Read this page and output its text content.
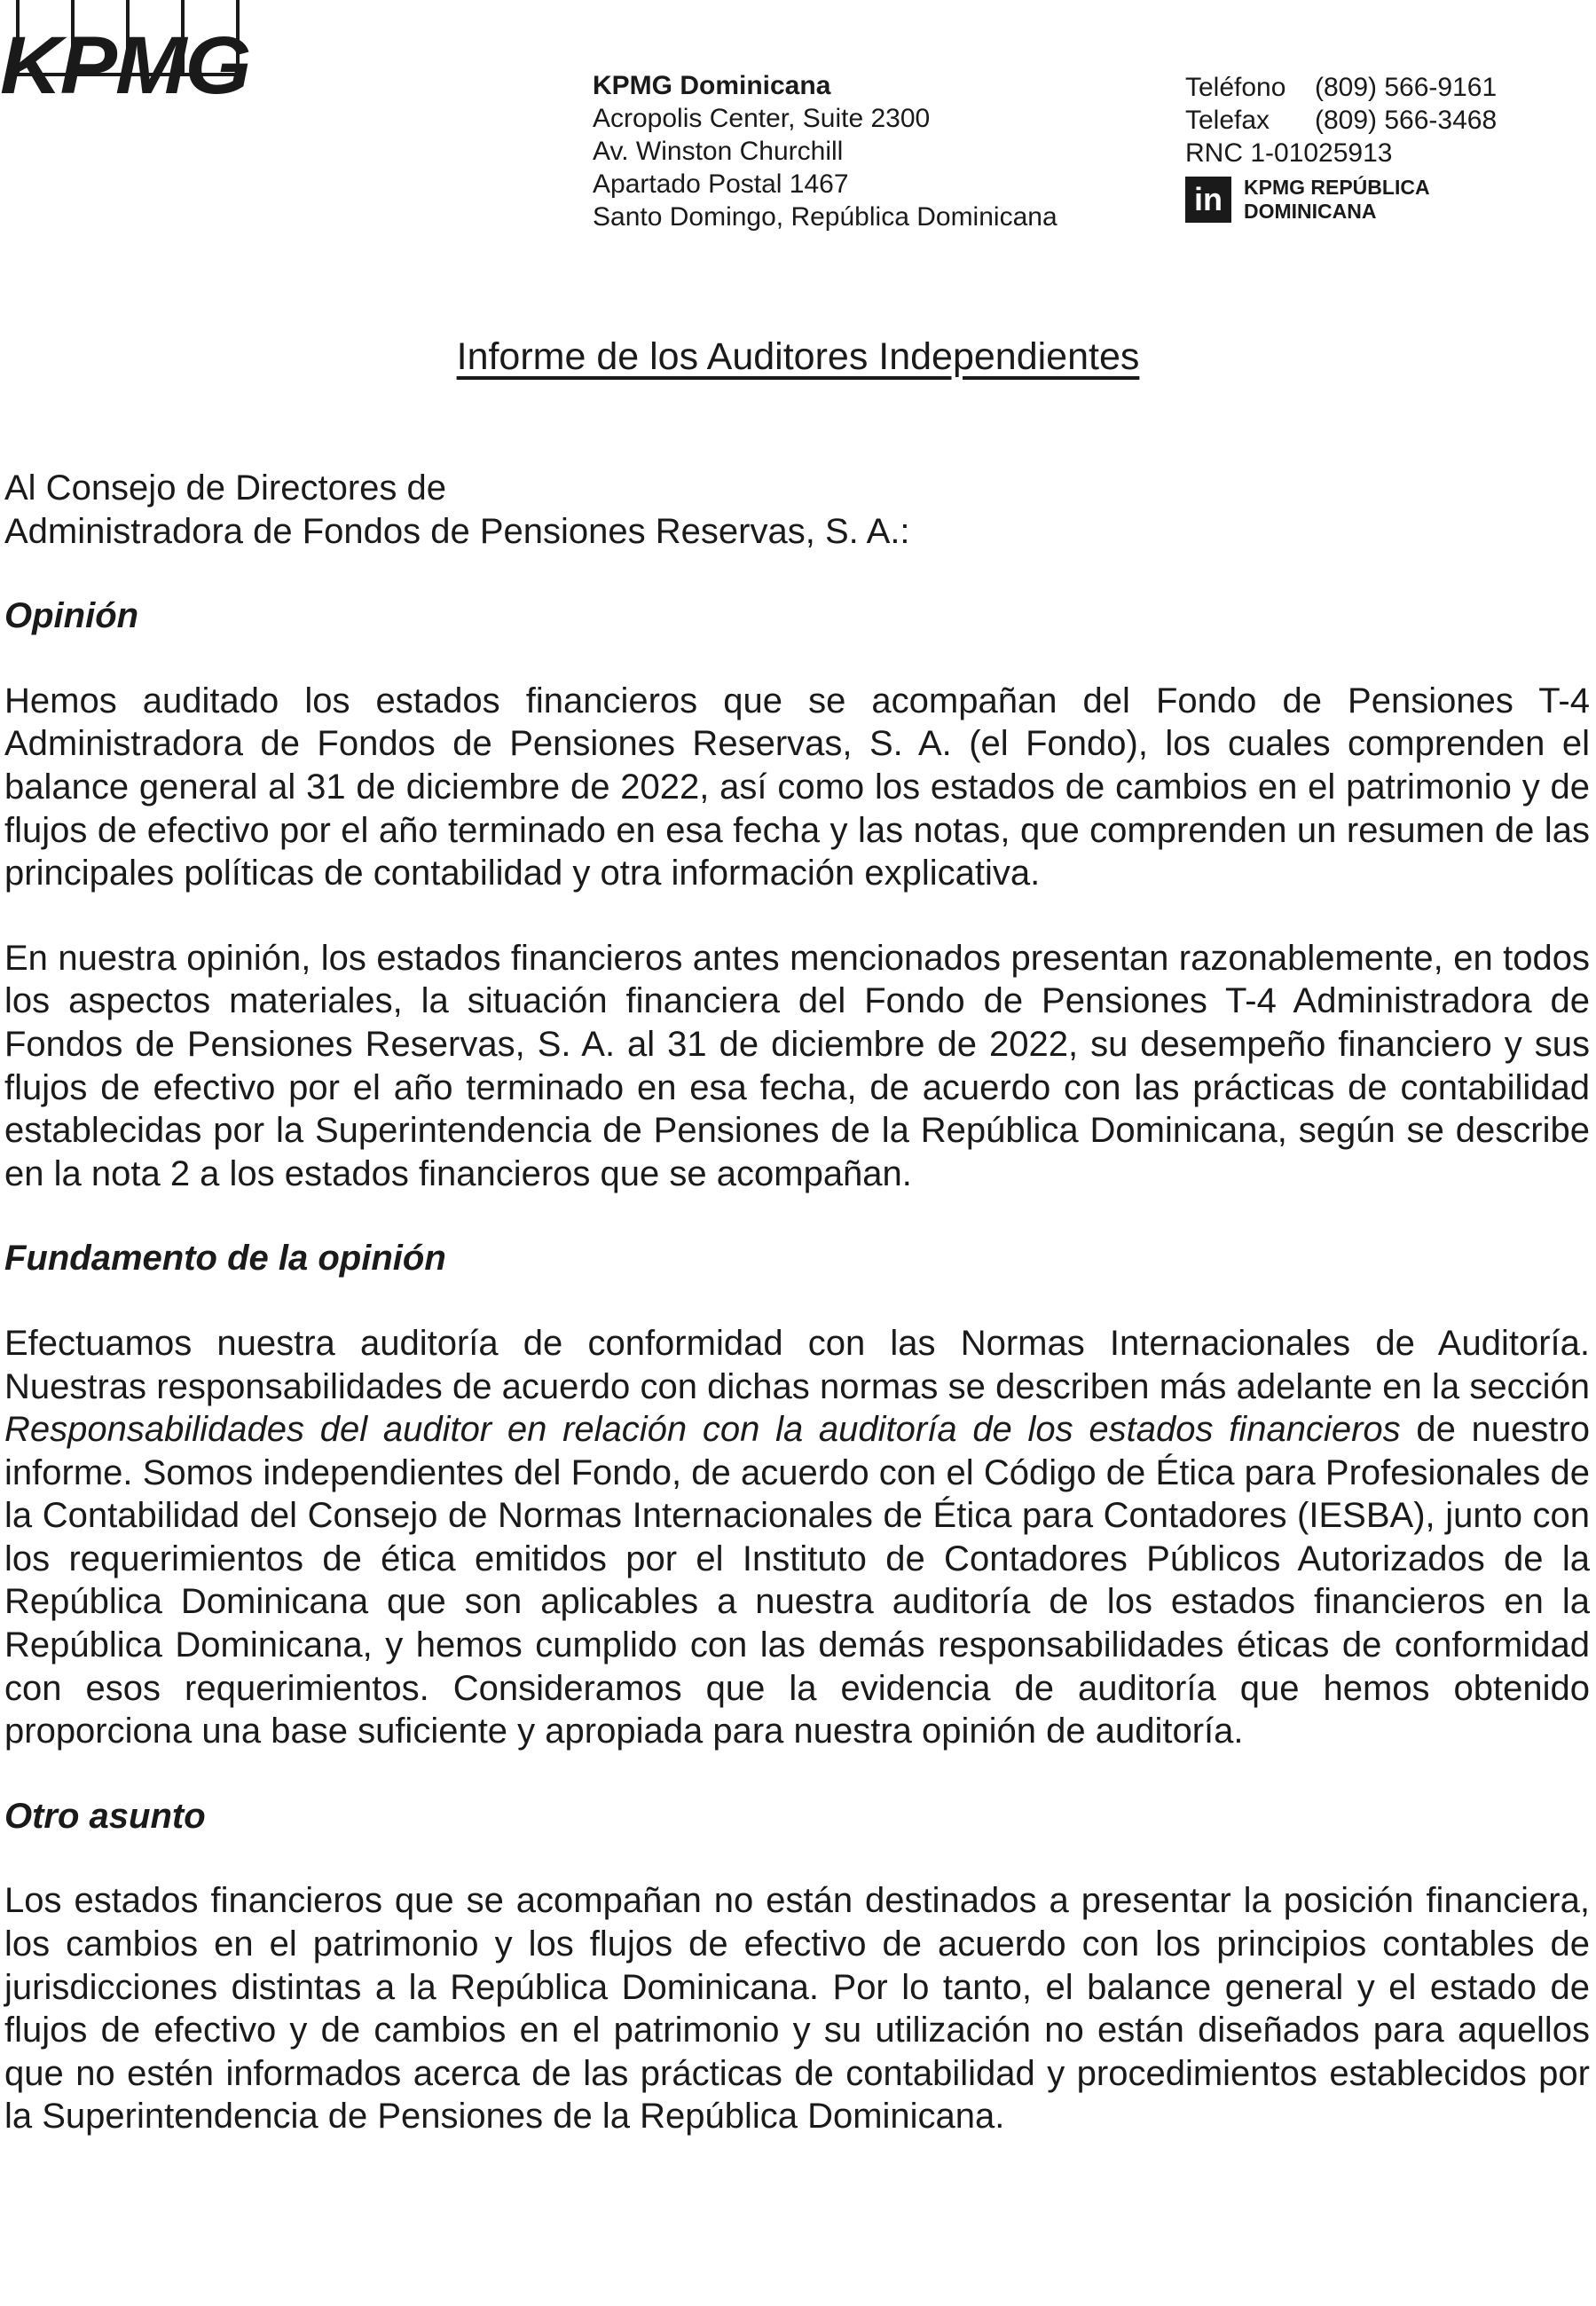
KPMG	KPMG Dominicana
Acropolis Center, Suite 2300
Av. Winston Churchill
Apartado Postal 1467
Santo Domingo, República Dominicana
Teléfono (809) 566-9161
Telefax (809) 566-3468
RNC 1-01025913
in	KPMG REPÚBLICA
DOMINICANA
Informe de los Auditores Independientes

Al Consejo de Directores de

Administradora de Fondos de Pensiones Reservas, S. A.:

Opinión

Hemos auditado los estados financieros que se acompañan del Fondo de Pensiones T-4 Administradora de Fondos de Pensiones Reservas, S. A. (el Fondo), los cuales comprenden el balance general al 31 de diciembre de 2022, así como los estados de cambios en el patrimonio y de flujos de efectivo por el año terminado en esa fecha y las notas, que comprenden un resumen de las principales políticas de contabilidad y otra información explicativa.

En nuestra opinión, los estados financieros antes mencionados presentan razonablemente, en todos los aspectos materiales, la situación financiera del Fondo de Pensiones T-4 Administradora de Fondos de Pensiones Reservas, S. A. al 31 de diciembre de 2022, su desempeño financiero y sus flujos de efectivo por el año terminado en esa fecha, de acuerdo con las prácticas de contabilidad establecidas por la Superintendencia de Pensiones de la República Dominicana, según se describe en la nota 2 a los estados financieros que se acompañan.

Fundamento de la opinión

Efectuamos nuestra auditoría de conformidad con las Normas Internacionales de Auditoría. Nuestras responsabilidades de acuerdo con dichas normas se describen más adelante en la sección Responsabilidades del auditor en relación con la auditoría de los estados financieros de nuestro informe. Somos independientes del Fondo, de acuerdo con el Código de Ética para Profesionales de la Contabilidad del Consejo de Normas Internacionales de Ética para Contadores (IESBA), junto con los requerimientos de ética emitidos por el Instituto de Contadores Públicos Autorizados de la República Dominicana que son aplicables a nuestra auditoría de los estados financieros en la República Dominicana, y hemos cumplido con las demás responsabilidades éticas de conformidad con esos requerimientos. Consideramos que la evidencia de auditoría que hemos obtenido proporciona una base suficiente y apropiada para nuestra opinión de auditoría.

Otro asunto

Los estados financieros que se acompañan no están destinados a presentar la posición financiera, los cambios en el patrimonio y los flujos de efectivo de acuerdo con los principios contables de jurisdicciones distintas a la República Dominicana. Por lo tanto, el balance general y el estado de flujos de efectivo y de cambios en el patrimonio y su utilización no están diseñados para aquellos que no estén informados acerca de las prácticas de contabilidad y procedimientos establecidos por la Superintendencia de Pensiones de la República Dominicana.
